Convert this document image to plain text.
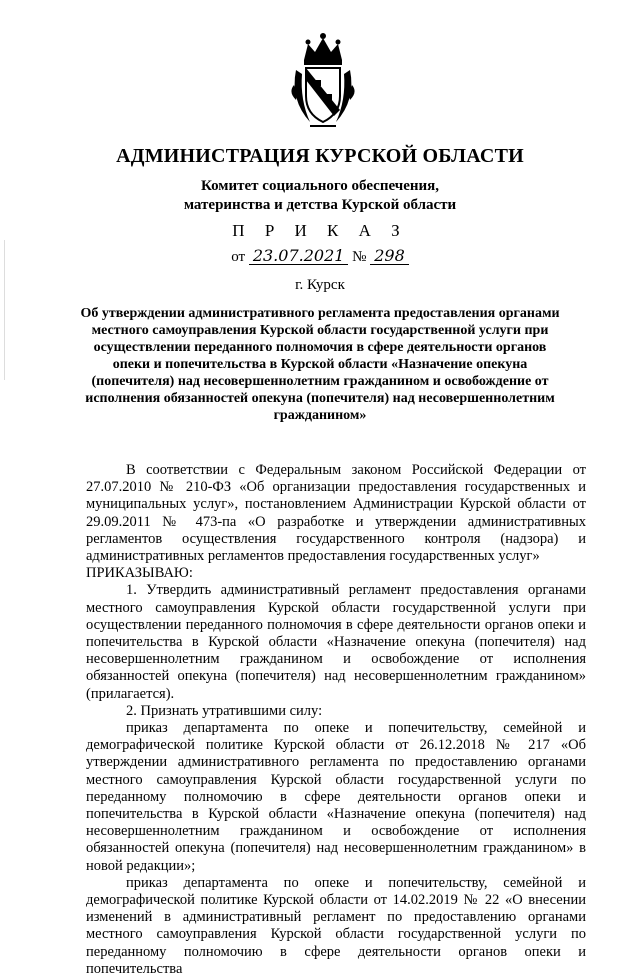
АДМИНИСТРАЦИЯ КУРСКОЙ ОБЛАСТИ
Комитет социального обеспечения,
материнства и детства Курской области
П Р И К А З
от 23.07.2021 № 298
г. Курск
Об утверждении административного регламента предоставления органами местного самоуправления Курской области государственной услуги при осуществлении переданного полномочия в сфере деятельности органов опеки и попечительства в Курской области «Назначение опекуна (попечителя) над несовершеннолетним гражданином и освобождение от исполнения обязанностей опекуна (попечителя) над несовершеннолетним гражданином»

В соответствии с Федеральным законом Российской Федерации от 27.07.2010 № 210-ФЗ «Об организации предоставления государственных и муниципальных услуг», постановлением Администрации Курской области от 29.09.2011 № 473-па «О разработке и утверждении административных регламентов осуществления государственного контроля (надзора) и административных регламентов предоставления государственных услуг»

ПРИКАЗЫВАЮ:

1. Утвердить административный регламент предоставления органами местного самоуправления Курской области государственной услуги при осуществлении переданного полномочия в сфере деятельности органов опеки и попечительства в Курской области «Назначение опекуна (попечителя) над несовершеннолетним гражданином и освобождение от исполнения обязанностей опекуна (попечителя) над несовершеннолетним гражданином» (прилагается).

2. Признать утратившими силу:

приказ департамента по опеке и попечительству, семейной и демографической политике Курской области от 26.12.2018 № 217 «Об утверждении административного регламента по предоставлению органами местного самоуправления Курской области государственной услуги по переданному полномочию в сфере деятельности органов опеки и попечительства в Курской области «Назначение опекуна (попечителя) над несовершеннолетним гражданином и освобождение от исполнения обязанностей опекуна (попечителя) над несовершеннолетним гражданином» в новой редакции»;

приказ департамента по опеке и попечительству, семейной и демографической политике Курской области от 14.02.2019 № 22 «О внесении изменений в административный регламент по предоставлению органами местного самоуправления Курской области государственной услуги по переданному полномочию в сфере деятельности органов опеки и попечительства
